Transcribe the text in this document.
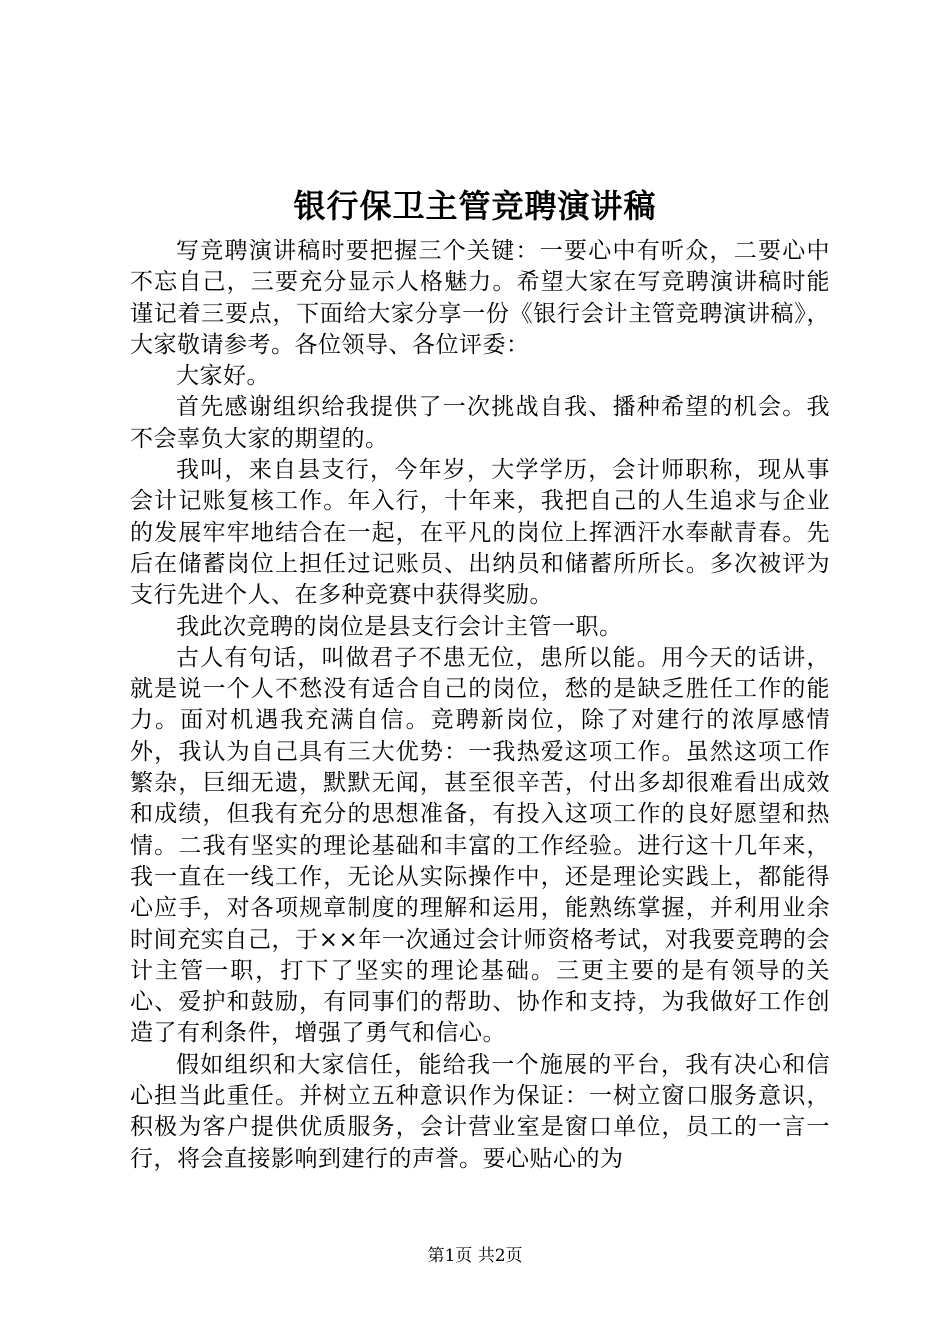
银行保卫主管竞聘演讲稿

写竞聘演讲稿时要把握三个关键：一要心中有听众，二要心中不忘自己，三要充分显示人格魅力。希望大家在写竞聘演讲稿时能谨记着三要点，下面给大家分享一份《银行会计主管竞聘演讲稿》，大家敬请参考。各位领导、各位评委：

大家好。

首先感谢组织给我提供了一次挑战自我、播种希望的机会。我不会辜负大家的期望的。

我叫，来自县支行，今年岁，大学学历，会计师职称，现从事会计记账复核工作。年入行，十年来，我把自己的人生追求与企业的发展牢牢地结合在一起，在平凡的岗位上挥洒汗水奉献青春。先后在储蓄岗位上担任过记账员、出纳员和储蓄所所长。多次被评为支行先进个人、在多种竞赛中获得奖励。

我此次竞聘的岗位是县支行会计主管一职。

古人有句话，叫做君子不患无位，患所以能。用今天的话讲，就是说一个人不愁没有适合自己的岗位，愁的是缺乏胜任工作的能力。面对机遇我充满自信。竞聘新岗位，除了对建行的浓厚感情外，我认为自己具有三大优势：一我热爱这项工作。虽然这项工作繁杂，巨细无遗，默默无闻，甚至很辛苦，付出多却很难看出成效和成绩，但我有充分的思想准备，有投入这项工作的良好愿望和热情。二我有坚实的理论基础和丰富的工作经验。进行这十几年来，我一直在一线工作，无论从实际操作中，还是理论实践上，都能得心应手，对各项规章制度的理解和运用，能熟练掌握，并利用业余时间充实自己，于××年一次通过会计师资格考试，对我要竞聘的会计主管一职，打下了坚实的理论基础。三更主要的是有领导的关心、爱护和鼓励，有同事们的帮助、协作和支持，为我做好工作创造了有利条件，增强了勇气和信心。

假如组织和大家信任，能给我一个施展的平台，我有决心和信心担当此重任。并树立五种意识作为保证：一树立窗口服务意识，积极为客户提供优质服务，会计营业室是窗口单位，员工的一言一行，将会直接影响到建行的声誉。要心贴心的为

第1页 共2页
